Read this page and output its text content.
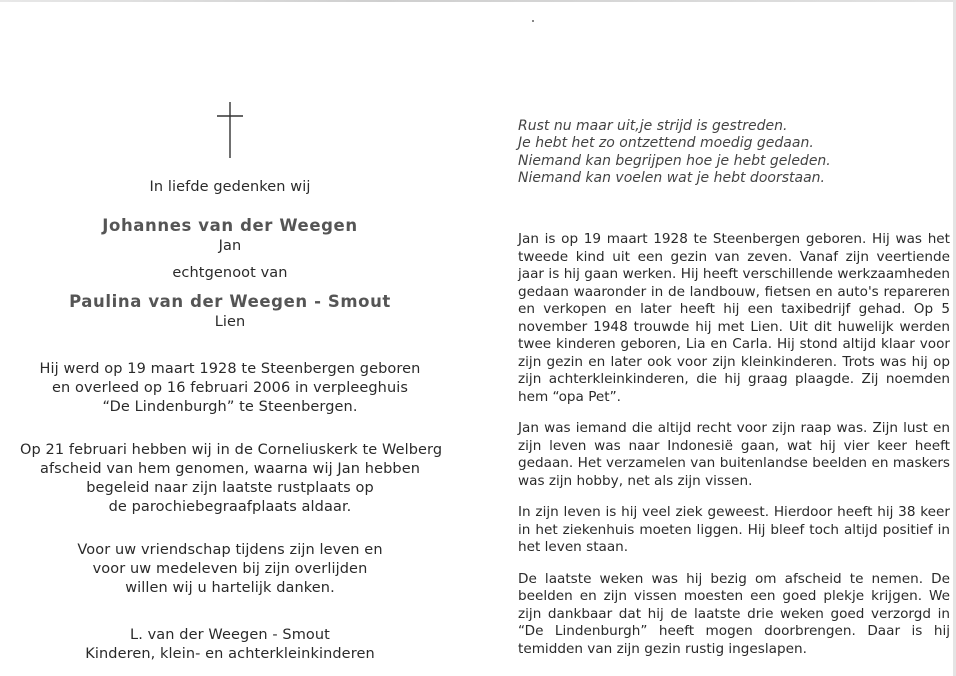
In liefde gedenken wij
Johannes van der Weegen
Jan
echtgenoot van
Paulina van der Weegen - Smout
Lien
Hij werd op 19 maart 1928 te Steenbergen geboren
en overleed op 16 februari 2006 in verpleeghuis
“De Lindenburgh” te Steenbergen.
Op 21 februari hebben wij in de Corneliuskerk te Welberg
afscheid van hem genomen, waarna wij Jan hebben
begeleid naar zijn laatste rustplaats op
de parochiebegraafplaats aldaar.
Voor uw vriendschap tijdens zijn leven en
voor uw medeleven bij zijn overlijden
willen wij u hartelijk danken.
L. van der Weegen - Smout
Kinderen, klein- en achterkleinkinderen
Rust nu maar uit,je strijd is gestreden.
Je hebt het zo ontzettend moedig gedaan.
Niemand kan begrijpen hoe je hebt geleden.
Niemand kan voelen wat je hebt doorstaan.

Jan is op 19 maart 1928 te Steenbergen geboren. Hij was het tweede kind uit een gezin van zeven. Vanaf zijn veertiende jaar is hij gaan werken. Hij heeft verschillende werkzaamheden gedaan waaronder in de landbouw, fietsen en auto's repareren en verkopen en later heeft hij een taxibedrijf gehad. Op 5 november 1948 trouwde hij met Lien. Uit dit huwelijk werden twee kinderen geboren, Lia en Carla. Hij stond altijd klaar voor zijn gezin en later ook voor zijn kleinkinderen. Trots was hij op zijn achterkleinkinderen, die hij graag plaagde. Zij noemden hem “opa Pet”.

Jan was iemand die altijd recht voor zijn raap was. Zijn lust en zijn leven was naar Indonesië gaan, wat hij vier keer heeft gedaan. Het verzamelen van buitenlandse beelden en maskers was zijn hobby, net als zijn vissen.

In zijn leven is hij veel ziek geweest. Hierdoor heeft hij 38 keer in het ziekenhuis moeten liggen. Hij bleef toch altijd positief in het leven staan.

De laatste weken was hij bezig om afscheid te nemen. De beelden en zijn vissen moesten een goed plekje krijgen. We zijn dankbaar dat hij de laatste drie weken goed verzorgd in “De Lindenburgh” heeft mogen doorbrengen. Daar is hij temidden van zijn gezin rustig ingeslapen.
